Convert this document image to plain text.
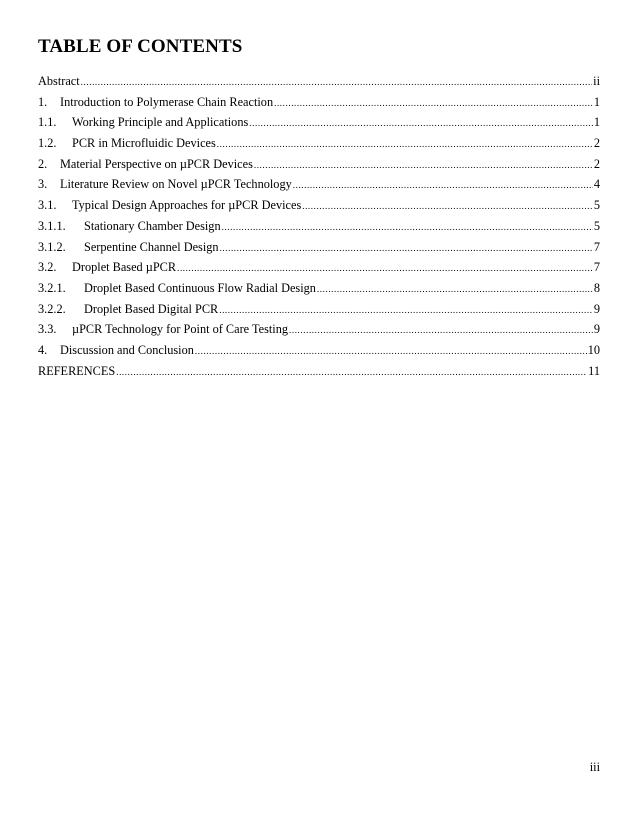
TABLE OF CONTENTS
Abstract .....	ii
1.	Introduction to Polymerase Chain Reaction .....	1
1.1.	Working Principle and Applications .....	1
1.2.	PCR in Microfluidic Devices .....	2
2.	Material Perspective on µPCR Devices .....	2
3.	Literature Review on Novel µPCR Technology .....	4
3.1.	Typical Design Approaches for µPCR Devices .....	5
3.1.1.	Stationary Chamber Design .....	5
3.1.2.	Serpentine Channel Design .....	7
3.2.	Droplet Based µPCR .....	7
3.2.1.	Droplet Based Continuous Flow Radial Design .....	8
3.2.2.	Droplet Based Digital PCR .....	9
3.3.	µPCR Technology for Point of Care Testing .....	9
4.	Discussion and Conclusion .....	10
REFERENCES .....	11
iii
